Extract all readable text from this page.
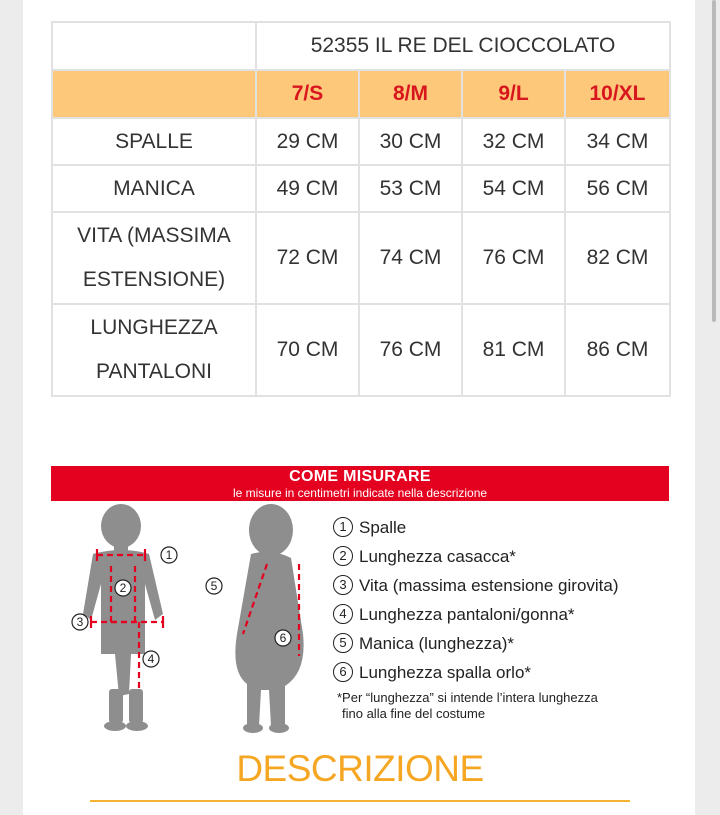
	52355 IL RE DEL CIOCCOLATO			
	7/S	8/M	9/L	10/XL
SPALLE	29 CM	30 CM	32 CM	34 CM
MANICA	49 CM	53 CM	54 CM	56 CM

VITA (MASSIMA
ESTENSIONE)	72 CM	74 CM	76 CM	82 CM

LUNGHEZZA
PANTALONI	70 CM	76 CM	81 CM	86 CM
COME MISURARE
le misure in centimetri indicate nella descrizione
1
2
3
4
5
6
1 Spalle
2 Lunghezza casacca*
3 Vita (massima estensione girovita)
4 Lunghezza pantaloni/gonna*
5 Manica (lunghezza)*
6 Lunghezza spalla orlo*
*Per “lunghezza” si intende l’intera lunghezza
fino alla fine del costume
DESCRIZIONE
